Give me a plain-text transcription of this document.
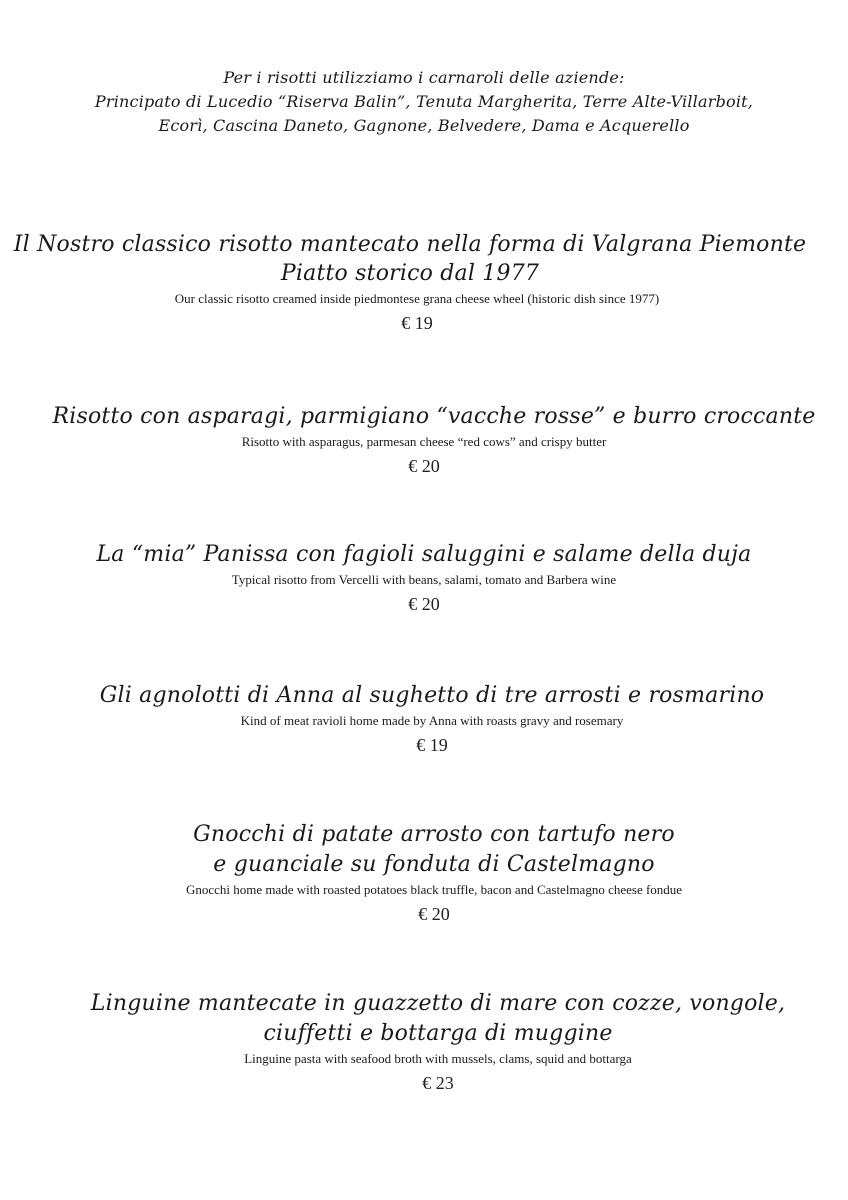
Per i risotti utilizziamo i carnaroli delle aziende:
Principato di Lucedio “Riserva Balin”, Tenuta Margherita, Terre Alte-Villarboit,
Ecorì, Cascina Daneto, Gagnone, Belvedere, Dama e Acquerello
Il Nostro classico risotto mantecato nella forma di Valgrana Piemonte
Piatto storico dal 1977
Our classic risotto creamed inside piedmontese grana cheese wheel (historic dish since 1977)
€ 19
Risotto con asparagi, parmigiano “vacche rosse” e burro croccante
Risotto with asparagus, parmesan cheese “red cows” and crispy butter
€ 20
La “mia” Panissa con fagioli saluggini e salame della duja
Typical risotto from Vercelli with beans, salami, tomato and Barbera wine
€ 20
Gli agnolotti di Anna al sughetto di tre arrosti e rosmarino
Kind of meat ravioli home made by Anna with roasts gravy and rosemary
€ 19
Gnocchi di patate arrosto con tartufo nero
e guanciale su fonduta di Castelmagno
Gnocchi home made with roasted potatoes black truffle, bacon and Castelmagno cheese fondue
€ 20
Linguine mantecate in guazzetto di mare con cozze, vongole,
ciuffetti e bottarga di muggine
Linguine pasta with seafood broth with mussels, clams, squid and bottarga
€ 23
